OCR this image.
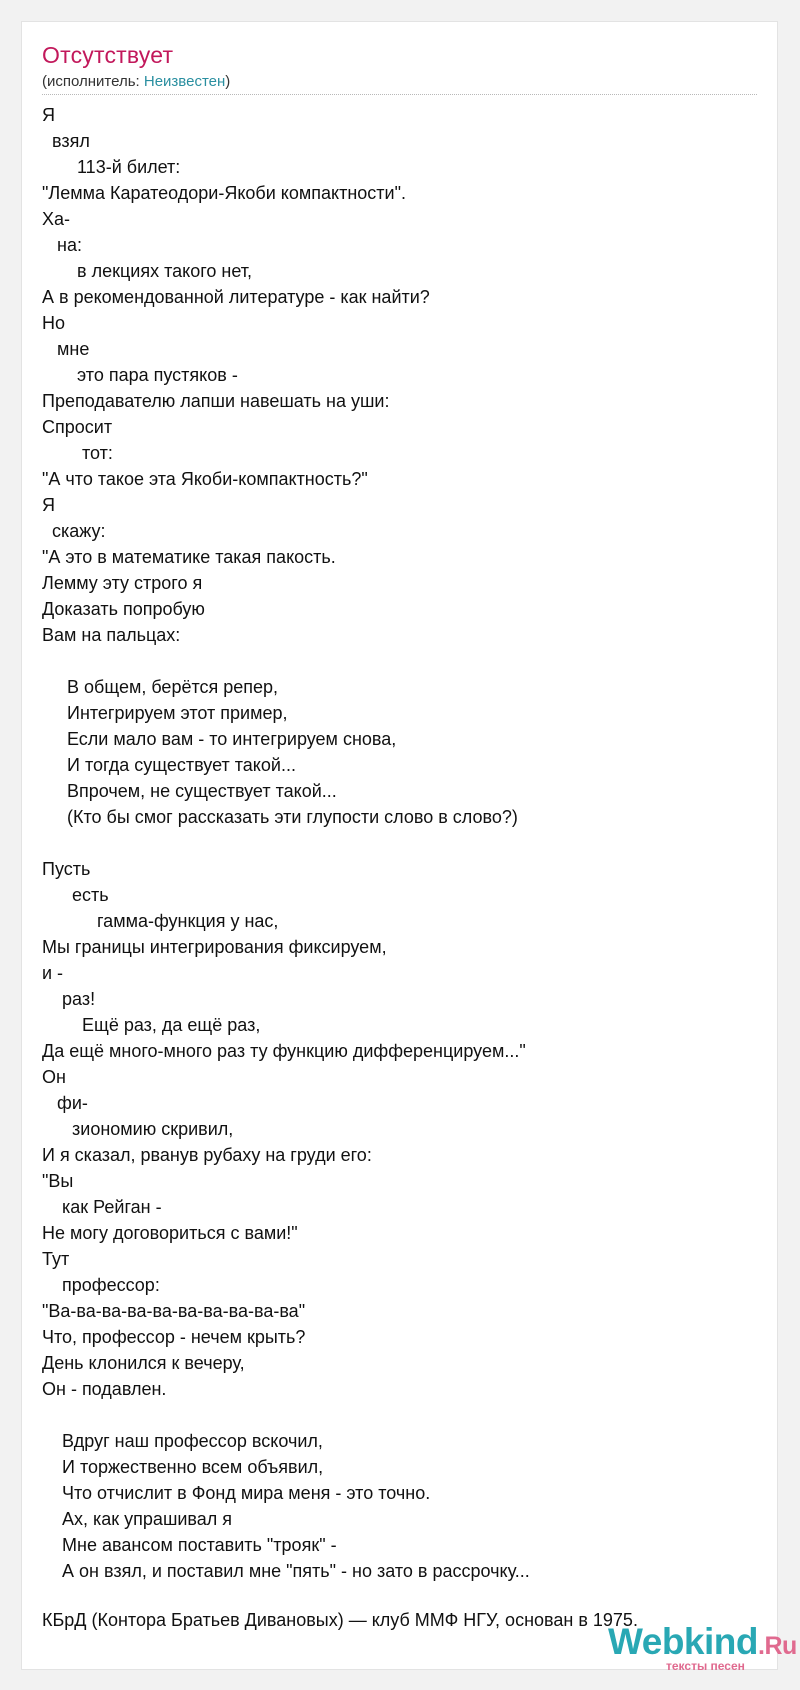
Отсутствует
(исполнитель: Неизвестен)
Я
взял
113-й билет:
"Лемма Каратеодори-Якоби компактности".
Ха-
на:
в лекциях такого нет,
А в рекомендованной литературе - как найти?
Но
мне
это пара пустяков -
Преподавателю лапши навешать на уши:
Спросит
тот:
"А что такое эта Якоби-компактность?"
Я
скажу:
"А это в математике такая пакость.
Лемму эту строго я
Доказать попробую
Вам на пальцах:
В общем, берётся репер,
Интегрируем этот пример,
Если мало вам - то интегрируем снова,
И тогда существует такой...
Впрочем, не существует такой...
(Кто бы смог рассказать эти глупости слово в слово?)
Пусть
есть
гамма-функция у нас,
Мы границы интегрирования фиксируем,
и -
раз!
Ещё раз, да ещё раз,
Да ещё много-много раз ту функцию дифференцируем..."
Он
фи-
зиономию скривил,
И я сказал, рванув рубаху на груди его:
"Вы
как Рейган -
Не могу договориться с вами!"
Тут
профессор:
"Ва-ва-ва-ва-ва-ва-ва-ва-ва-ва"
Что, профессор - нечем крыть?
День клонился к вечеру,
Он - подавлен.
Вдруг наш профессор вскочил,
И торжественно всем объявил,
Что отчислит в Фонд мира меня - это точно.
Ах, как упрашивал я
Мне авансом поставить "трояк" -
А он взял, и поставил мне "пять" - но зато в рассрочку...
КБрД (Контора Братьев Дивановых) — клуб ММФ НГУ, основан в 1975.
Webkind.Ru
тексты песен
